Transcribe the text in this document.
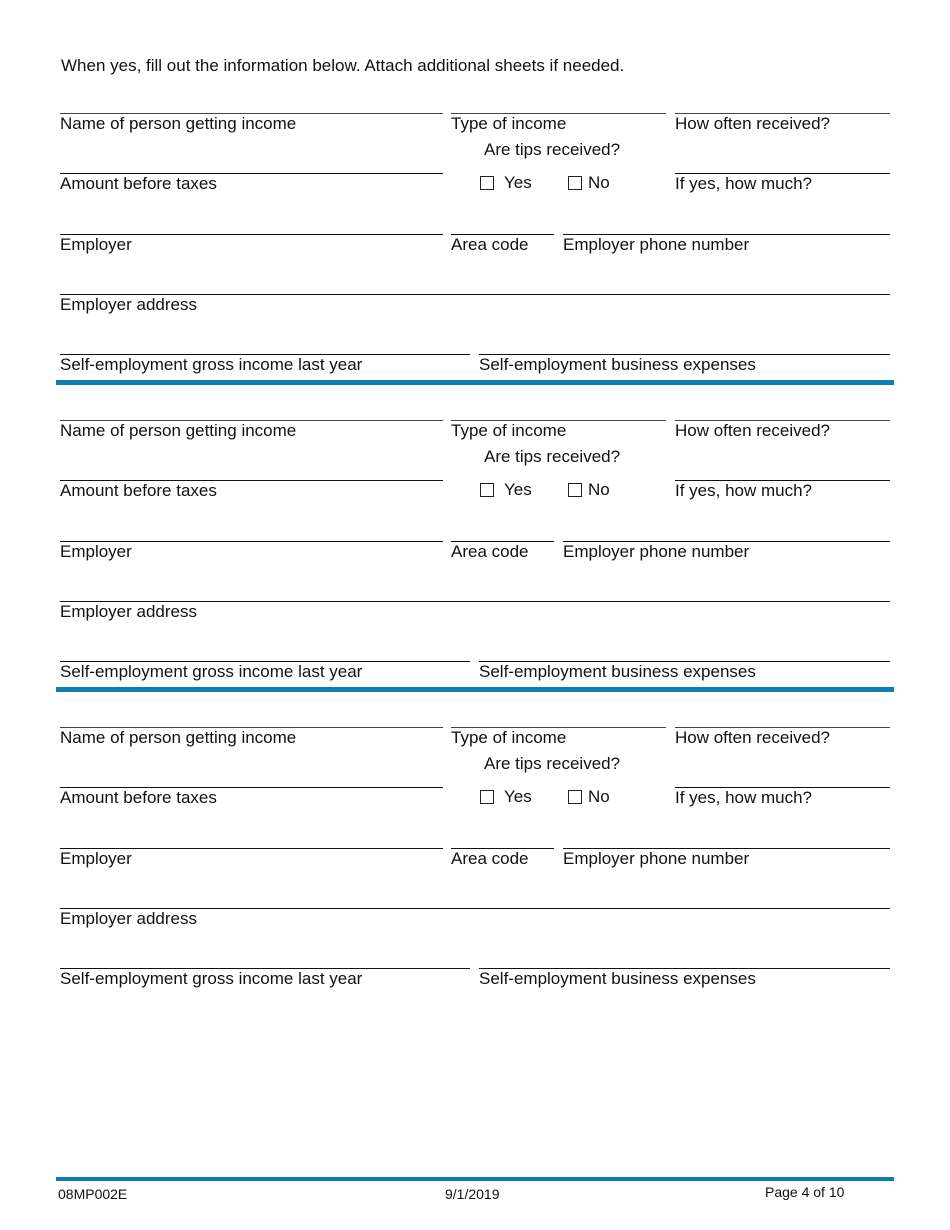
When yes, fill out the information below. Attach additional sheets if needed.
Name of person getting income	Type of income	How often received?
Are tips received?
Amount before taxes	Yes	No	If yes, how much?
Employer	Area code	Employer phone number
Employer address
Self-employment gross income last year	Self-employment business expenses
Name of person getting income	Type of income	How often received?
Are tips received?
Amount before taxes	Yes	No	If yes, how much?
Employer	Area code	Employer phone number
Employer address
Self-employment gross income last year	Self-employment business expenses
Name of person getting income	Type of income	How often received?
Are tips received?
Amount before taxes	Yes	No	If yes, how much?
Employer	Area code	Employer phone number
Employer address
Self-employment gross income last year	Self-employment business expenses
08MP002E	9/1/2019	Page 4 of 10
